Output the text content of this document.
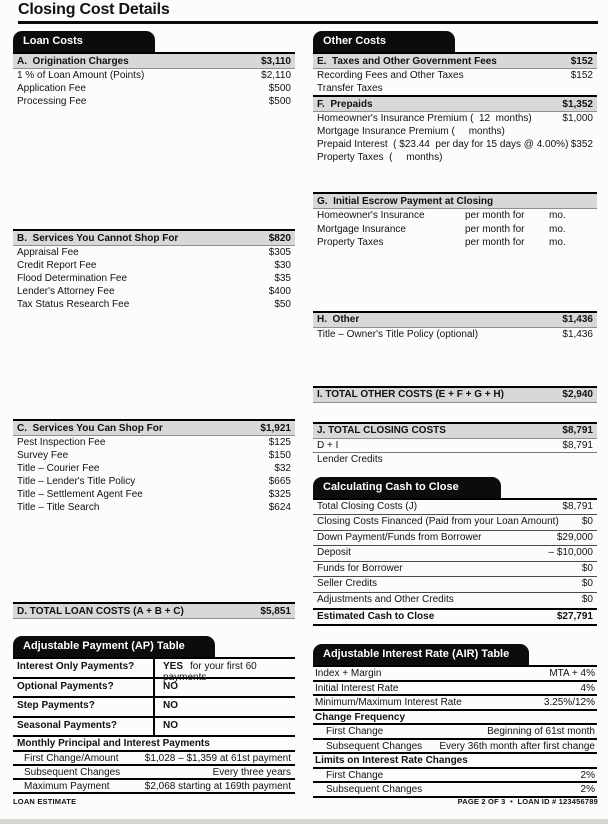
Closing Cost Details
Loan Costs
A.  Origination Charges	$3,110
1 % of Loan Amount (Points)	$2,110
Application Fee	$500
Processing Fee	$500
B.  Services You Cannot Shop For	$820
Appraisal Fee	$305
Credit Report Fee	$30
Flood Determination Fee	$35
Lender's Attorney Fee	$400
Tax Status Research Fee	$50
C.  Services You Can Shop For	$1,921
Pest Inspection Fee	$125
Survey Fee	$150
Title – Courier Fee	$32
Title – Lender's Title Policy	$665
Title – Settlement Agent Fee	$325
Title – Title Search	$624
D. TOTAL LOAN COSTS (A + B + C)	$5,851
Adjustable Payment (AP) Table
Interest Only Payments?	YES for your first 60 payments
Optional Payments?	NO
Step Payments?	NO
Seasonal Payments?	NO
Monthly Principal and Interest Payments
First Change/Amount	$1,028 – $1,359 at 61st payment
Subsequent Changes	Every three years
Maximum Payment	$2,068 starting at 169th payment
Other Costs
E.  Taxes and Other Government Fees	$152
Recording Fees and Other Taxes	$152
Transfer Taxes
F.  Prepaids	$1,352
Homeowner's Insurance Premium (  12  months)	$1,000
Mortgage Insurance Premium (     months)
Prepaid Interest  ( $23.44  per day for 15 days @ 4.00%) $352
Property Taxes  (     months)
G.  Initial Escrow Payment at Closing
Homeowner's Insurance	per month for	mo.
Mortgage Insurance	per month for	mo.
Property Taxes	per month for	mo.
H.  Other	$1,436
Title – Owner's Title Policy (optional)	$1,436
I. TOTAL OTHER COSTS (E + F + G + H)	$2,940
J. TOTAL CLOSING COSTS	$8,791
D + I	$8,791
Lender Credits
Calculating Cash to Close
Total Closing Costs (J)	$8,791
Closing Costs Financed (Paid from your Loan Amount) $0
Down Payment/Funds from Borrower	$29,000
Deposit	– $10,000
Funds for Borrower	$0
Seller Credits	$0
Adjustments and Other Credits	$0
Estimated Cash to Close	$27,791
Adjustable Interest Rate (AIR) Table
Index + Margin	MTA + 4%
Initial Interest Rate	4%
Minimum/Maximum Interest Rate	3.25%/12%
Change Frequency
First Change	Beginning of 61st month
Subsequent Changes Every 36th month after first change
Limits on Interest Rate Changes
First Change	2%
Subsequent Changes	2%
LOAN ESTIMATE	PAGE 2 OF 3  •  LOAN ID # 123456789
